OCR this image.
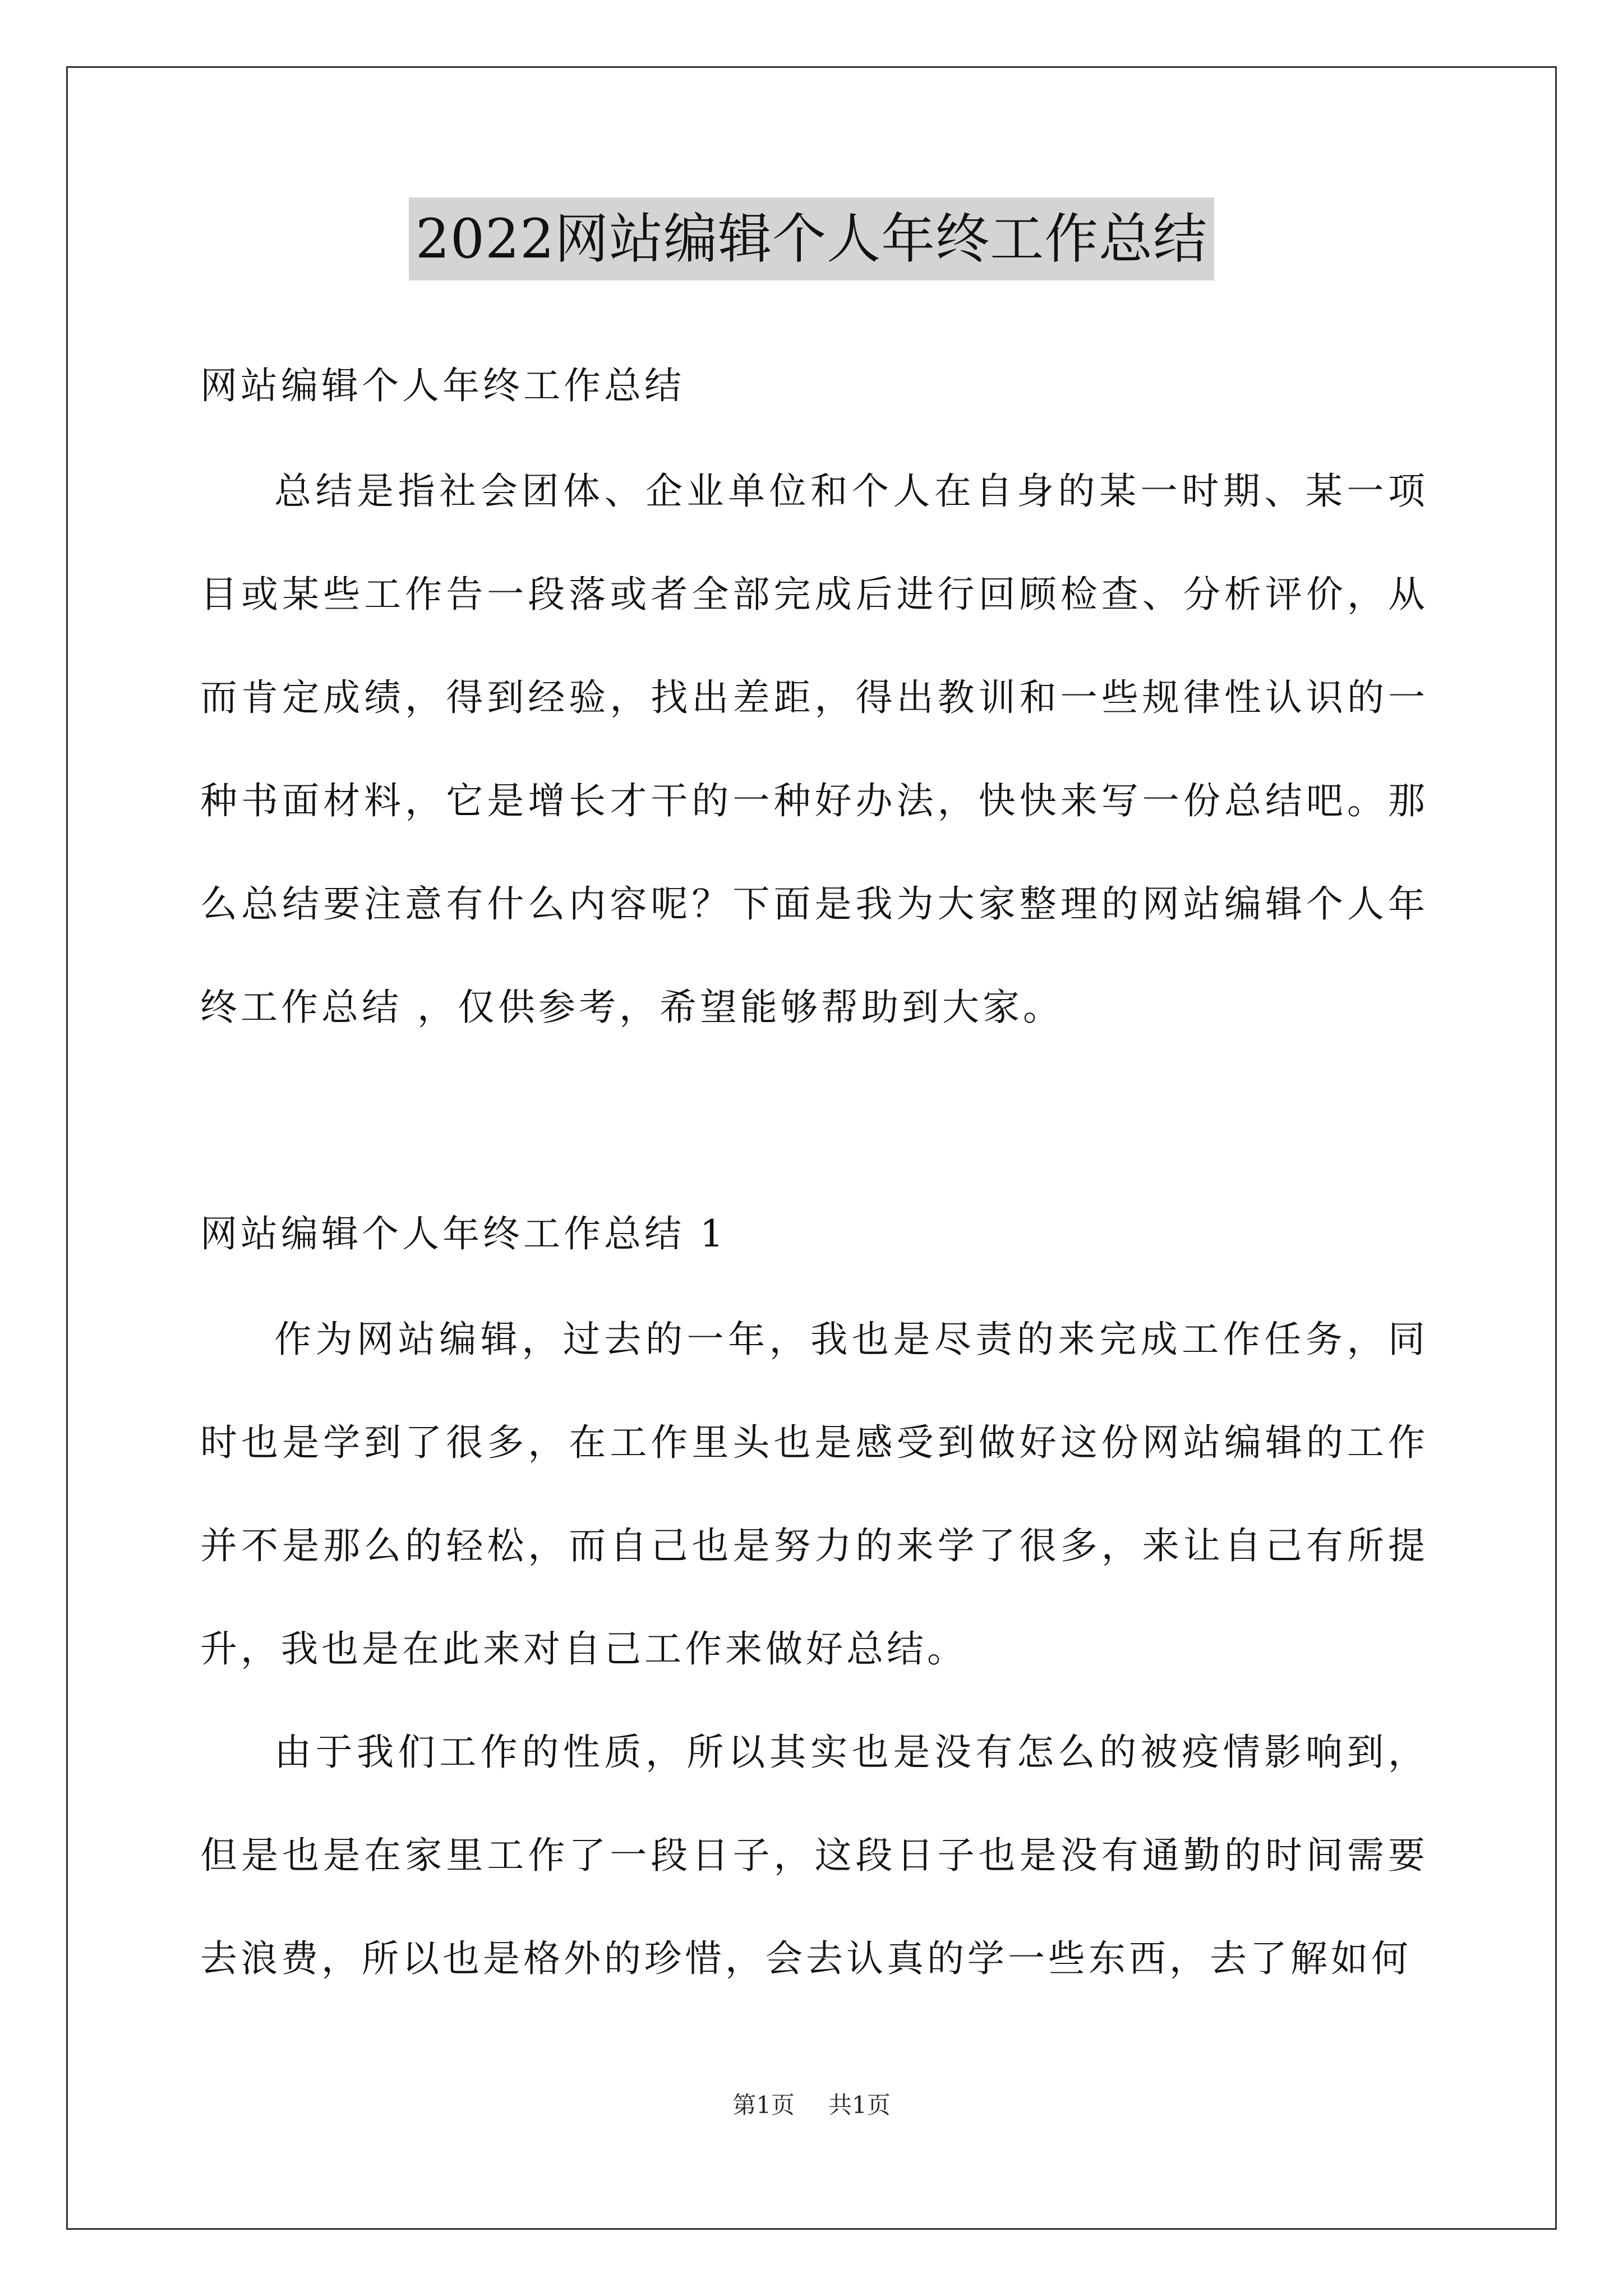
2022网站编辑个人年终工作总结
网站编辑个人年终工作总结
总结是指社会团体、企业单位和个人在自身的某一时期、某一项目或某些工作告一段落或者全部完成后进行回顾检查、分析评价，从而肯定成绩，得到经验，找出差距，得出教训和一些规律性认识的一种书面材料，它是增长才干的一种好办法，快快来写一份总结吧。那么总结要注意有什么内容呢？下面是我为大家整理的网站编辑个人年终工作总结 ，仅供参考，希望能够帮助到大家。
网站编辑个人年终工作总结 1
作为网站编辑，过去的一年，我也是尽责的来完成工作任务，同时也是学到了很多，在工作里头也是感受到做好这份网站编辑的工作并不是那么的轻松，而自己也是努力的来学了很多，来让自己有所提升，我也是在此来对自己工作来做好总结。
由于我们工作的性质，所以其实也是没有怎么的被疫情影响到，但是也是在家里工作了一段日子，这段日子也是没有通勤的时间需要去浪费，所以也是格外的珍惜，会去认真的学一些东西，去了解如何
第1页 共1页
